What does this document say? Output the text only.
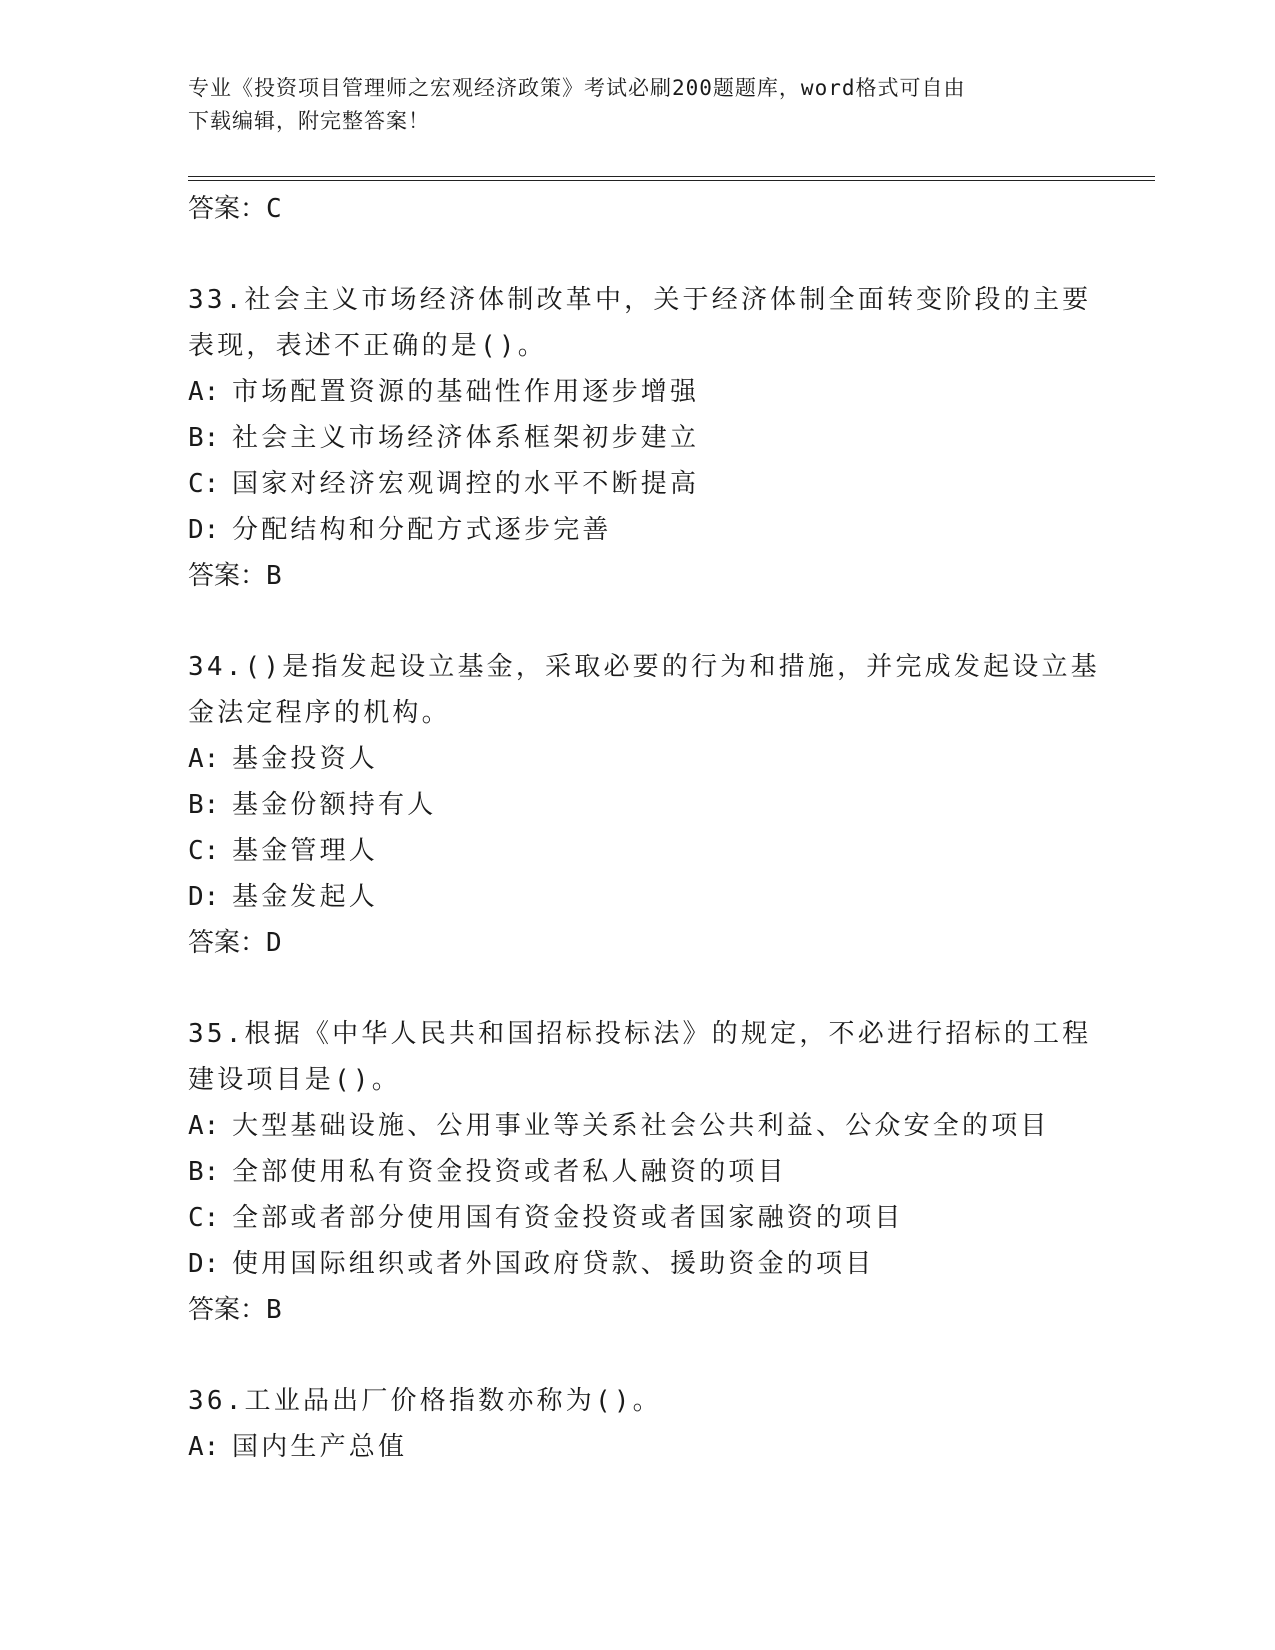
专业《投资项目管理师之宏观经济政策》考试必刷200题题库，word格式可自由
下载编辑，附完整答案！
答案：C
33.社会主义市场经济体制改革中，关于经济体制全面转变阶段的主要
表现，表述不正确的是()。
A: 市场配置资源的基础性作用逐步增强
B: 社会主义市场经济体系框架初步建立
C: 国家对经济宏观调控的水平不断提高
D: 分配结构和分配方式逐步完善
答案：B
34.()是指发起设立基金，采取必要的行为和措施，并完成发起设立基
金法定程序的机构。
A: 基金投资人
B: 基金份额持有人
C: 基金管理人
D: 基金发起人
答案：D
35.根据《中华人民共和国招标投标法》的规定，不必进行招标的工程
建设项目是()。
A: 大型基础设施、公用事业等关系社会公共利益、公众安全的项目
B: 全部使用私有资金投资或者私人融资的项目
C: 全部或者部分使用国有资金投资或者国家融资的项目
D: 使用国际组织或者外国政府贷款、援助资金的项目
答案：B
36.工业品出厂价格指数亦称为()。
A: 国内生产总值
